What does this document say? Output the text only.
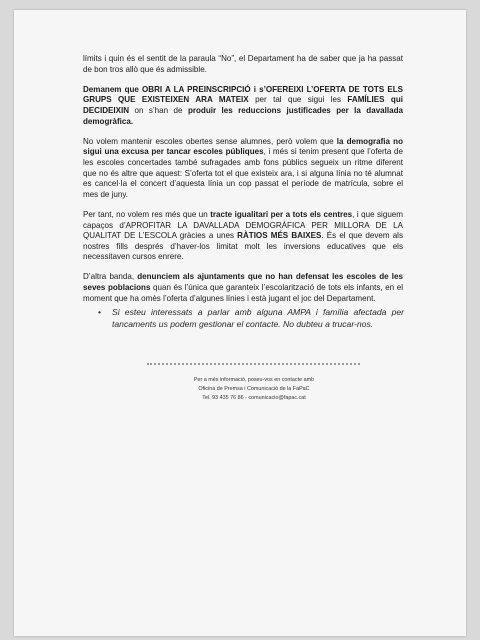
límits i quin és el sentit de la paraula “No”, el Departament ha de saber que ja ha passat de bon tros allò que és admissible.

Demanem que OBRI A LA PREINSCRIPCIÓ i s’OFEREIXI L’OFERTA DE TOTS ELS GRUPS QUE EXISTEIXEN ARA MATEIX per tal que sigui les FAMÍLIES qui DECIDEIXIN on s’han de produir les reduccions justificades per la davallada demogràfica.

No volem mantenir escoles obertes sense alumnes, però volem que la demografia no sigui una excusa per tancar escoles públiques, i més si tenim present que l’oferta de les escoles concertades també sufragades amb fons públics segueix un ritme diferent que no és altre que aquest: S’oferta tot el que existeix ara, i si alguna línia no té alumnat es cancel·la el concert d’aquesta línia un cop passat el període de matrícula, sobre el mes de juny.

Per tant, no volem res més que un tracte igualitari per a tots els centres, i que siguem capaços d’APROFITAR LA DAVALLADA DEMOGRÀFICA PER MILLORA DE LA QUALITAT DE L’ESCOLA gràcies a unes RÀTIOS MÉS BAIXES. És el que devem als nostres fills després d’haver-los limitat molt les inversions educatives que els necessitaven cursos enrere.

D’altra banda, denunciem als ajuntaments que no han defensat les escoles de les seves poblacions quan és l’única que garanteix l’escolarització de tots els infants, en el moment que ha omès l’oferta d’algunes línies i està jugant el joc del Departament.

• Si esteu interessats a parlar amb alguna AMPA i família afectada per tancaments us podem gestionar el contacte. No dubteu a trucar-nos.
Per a més informació, poseu-vos en contacte amb
Oficina de Premsa i Comunicació de la FaPaC
Tel. 93 435 76 86 - comunicacio@fapac.cat
